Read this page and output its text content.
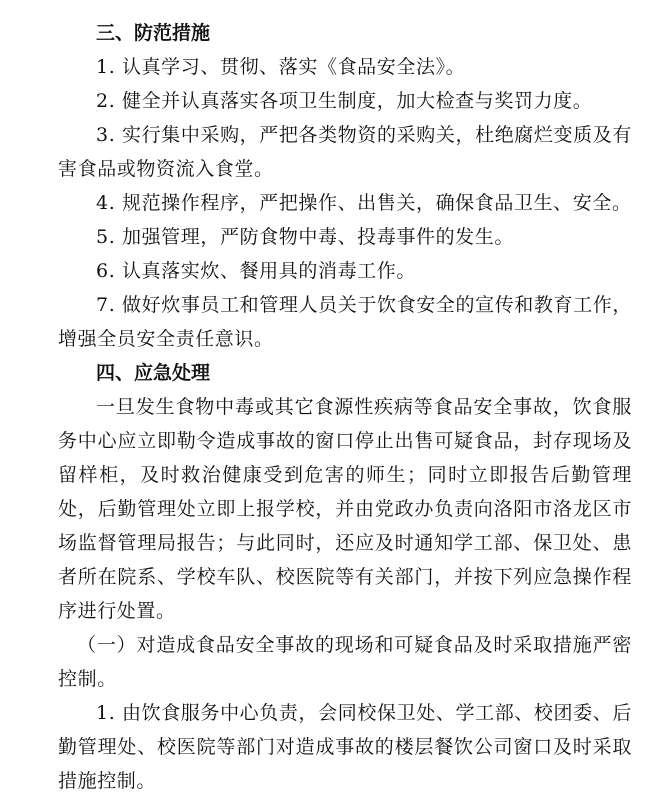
三、防范措施

1. 认真学习、贯彻、落实《食品安全法》。

2. 健全并认真落实各项卫生制度，加大检查与奖罚力度。

3. 实行集中采购，严把各类物资的采购关，杜绝腐烂变质及有害食品或物资流入食堂。

4. 规范操作程序，严把操作、出售关，确保食品卫生、安全。

5. 加强管理，严防食物中毒、投毒事件的发生。

6. 认真落实炊、餐用具的消毒工作。

7. 做好炊事员工和管理人员关于饮食安全的宣传和教育工作，增强全员安全责任意识。

四、应急处理

一旦发生食物中毒或其它食源性疾病等食品安全事故，饮食服务中心应立即勒令造成事故的窗口停止出售可疑食品，封存现场及留样柜，及时救治健康受到危害的师生；同时立即报告后勤管理处，后勤管理处立即上报学校，并由党政办负责向洛阳市洛龙区市场监督管理局报告；与此同时，还应及时通知学工部、保卫处、患者所在院系、学校车队、校医院等有关部门，并按下列应急操作程序进行处置。

（一）对造成食品安全事故的现场和可疑食品及时采取措施严密控制。

1. 由饮食服务中心负责，会同校保卫处、学工部、校团委、后勤管理处、校医院等部门对造成事故的楼层餐饮公司窗口及时采取措施控制。
